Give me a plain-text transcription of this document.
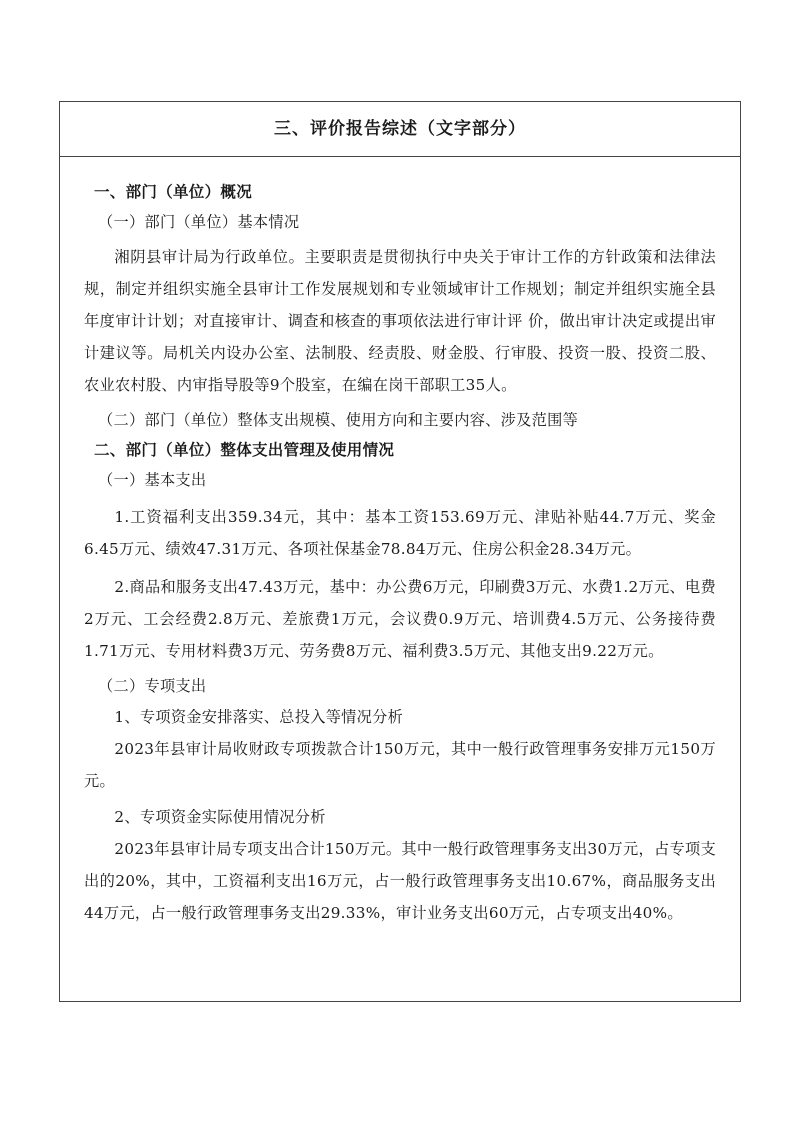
三、评价报告综述（文字部分）

一、部门（单位）概况

（一）部门（单位）基本情况

湘阴县审计局为行政单位。主要职责是贯彻执行中央关于审计工作的方针政策和法律法规，制定并组织实施全县审计工作发展规划和专业领域审计工作规划；制定并组织实施全县年度审计计划；对直接审计、调查和核查的事项依法进行审计评 价，做出审计决定或提出审计建议等。局机关内设办公室、法制股、经责股、财金股、行审股、投资一股、投资二股、农业农村股、内审指导股等9个股室，在编在岗干部职工35人。

（二）部门（单位）整体支出规模、使用方向和主要内容、涉及范围等

二、部门（单位）整体支出管理及使用情况

（一）基本支出

1.工资福利支出359.34元，其中：基本工资153.69万元、津贴补贴44.7万元、奖金6.45万元、绩效47.31万元、各项社保基金78.84万元、住房公积金28.34万元。

2.商品和服务支出47.43万元，基中：办公费6万元，印刷费3万元、水费1.2万元、电费2万元、工会经费2.8万元、差旅费1万元，会议费0.9万元、培训费4.5万元、公务接待费1.71万元、专用材料费3万元、劳务费8万元、福利费3.5万元、其他支出9.22万元。

（二）专项支出

1、专项资金安排落实、总投入等情况分析

2023年县审计局收财政专项拨款合计150万元，其中一般行政管理事务安排万元150万元。

2、专项资金实际使用情况分析

2023年县审计局专项支出合计150万元。其中一般行政管理事务支出30万元，占专项支出的20%，其中，工资福利支出16万元，占一般行政管理事务支出10.67%，商品服务支出44万元，占一般行政管理事务支出29.33%，审计业务支出60万元，占专项支出40%。
